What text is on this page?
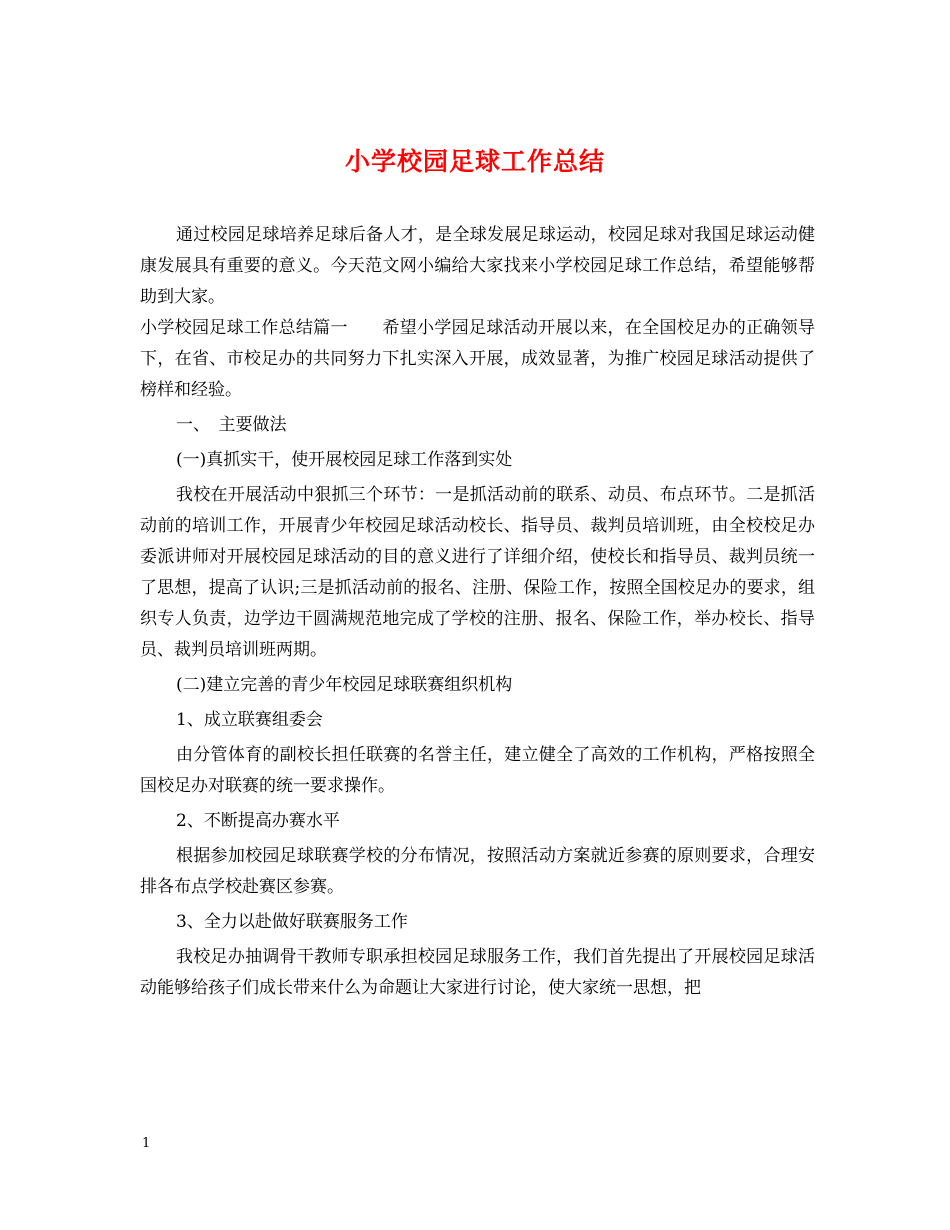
小学校园足球工作总结

通过校园足球培养足球后备人才，是全球发展足球运动，校园足球对我国足球运动健康发展具有重要的意义。今天范文网小编给大家找来小学校园足球工作总结，希望能够帮助到大家。

小学校园足球工作总结篇一　　希望小学园足球活动开展以来，在全国校足办的正确领导下，在省、市校足办的共同努力下扎实深入开展，成效显著，为推广校园足球活动提供了榜样和经验。

一、　主要做法

(一)真抓实干，使开展校园足球工作落到实处

我校在开展活动中狠抓三个环节：一是抓活动前的联系、动员、布点环节。二是抓活动前的培训工作，开展青少年校园足球活动校长、指导员、裁判员培训班，由全校校足办委派讲师对开展校园足球活动的目的意义进行了详细介绍，使校长和指导员、裁判员统一了思想，提高了认识;三是抓活动前的报名、注册、保险工作，按照全国校足办的要求，组织专人负责，边学边干圆满规范地完成了学校的注册、报名、保险工作，举办校长、指导员、裁判员培训班两期。

(二)建立完善的青少年校园足球联赛组织机构

1、成立联赛组委会

由分管体育的副校长担任联赛的名誉主任，建立健全了高效的工作机构，严格按照全国校足办对联赛的统一要求操作。

2、不断提高办赛水平

根据参加校园足球联赛学校的分布情况，按照活动方案就近参赛的原则要求，合理安排各布点学校赴赛区参赛。

3、全力以赴做好联赛服务工作

我校足办抽调骨干教师专职承担校园足球服务工作，我们首先提出了开展校园足球活动能够给孩子们成长带来什么为命题让大家进行讨论，使大家统一思想，把

1
